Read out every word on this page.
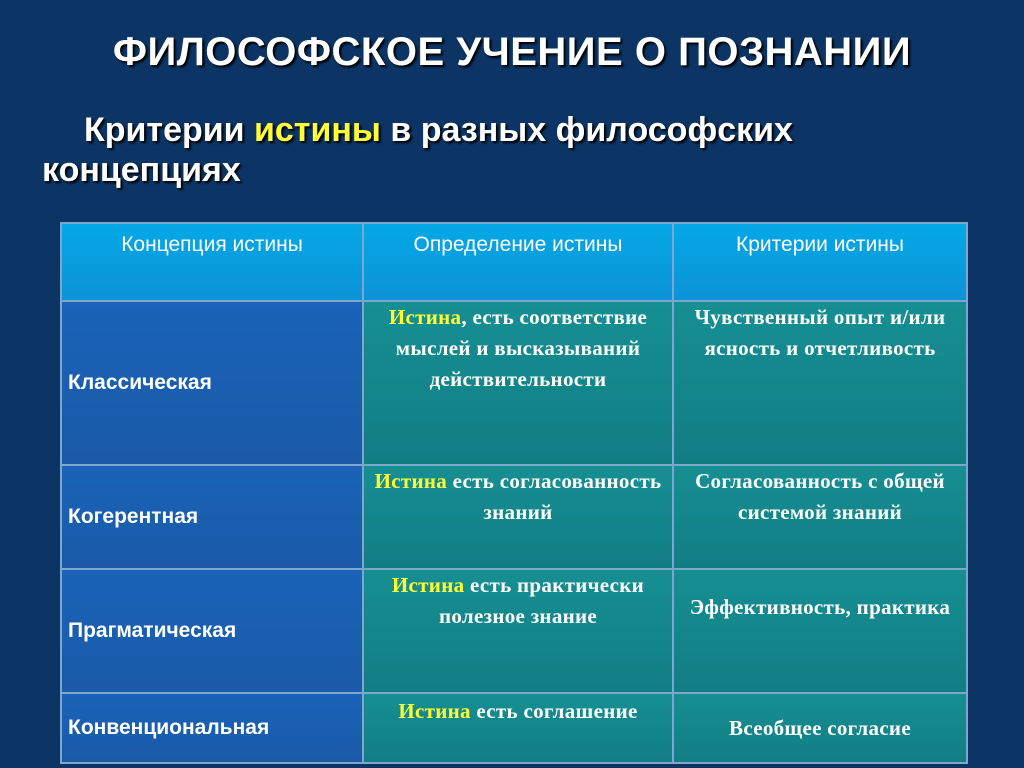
ФИЛОСОФСКОЕ УЧЕНИЕ О ПОЗНАНИИ
Критерии истины в разных философских концепциях
Концепция истины	Определение истины	Критерии истины
Классическая	Истина, есть соответствие мыслей и высказываний действительности	Чувственный опыт и/или ясность и отчетливость
Когерентная	Истина есть согласованность знаний	Согласованность с общей системой знаний
Прагматическая	Истина есть практически полезное знание	Эффективность, практика
Конвенциональная	Истина есть соглашение	Всеобщее согласие
